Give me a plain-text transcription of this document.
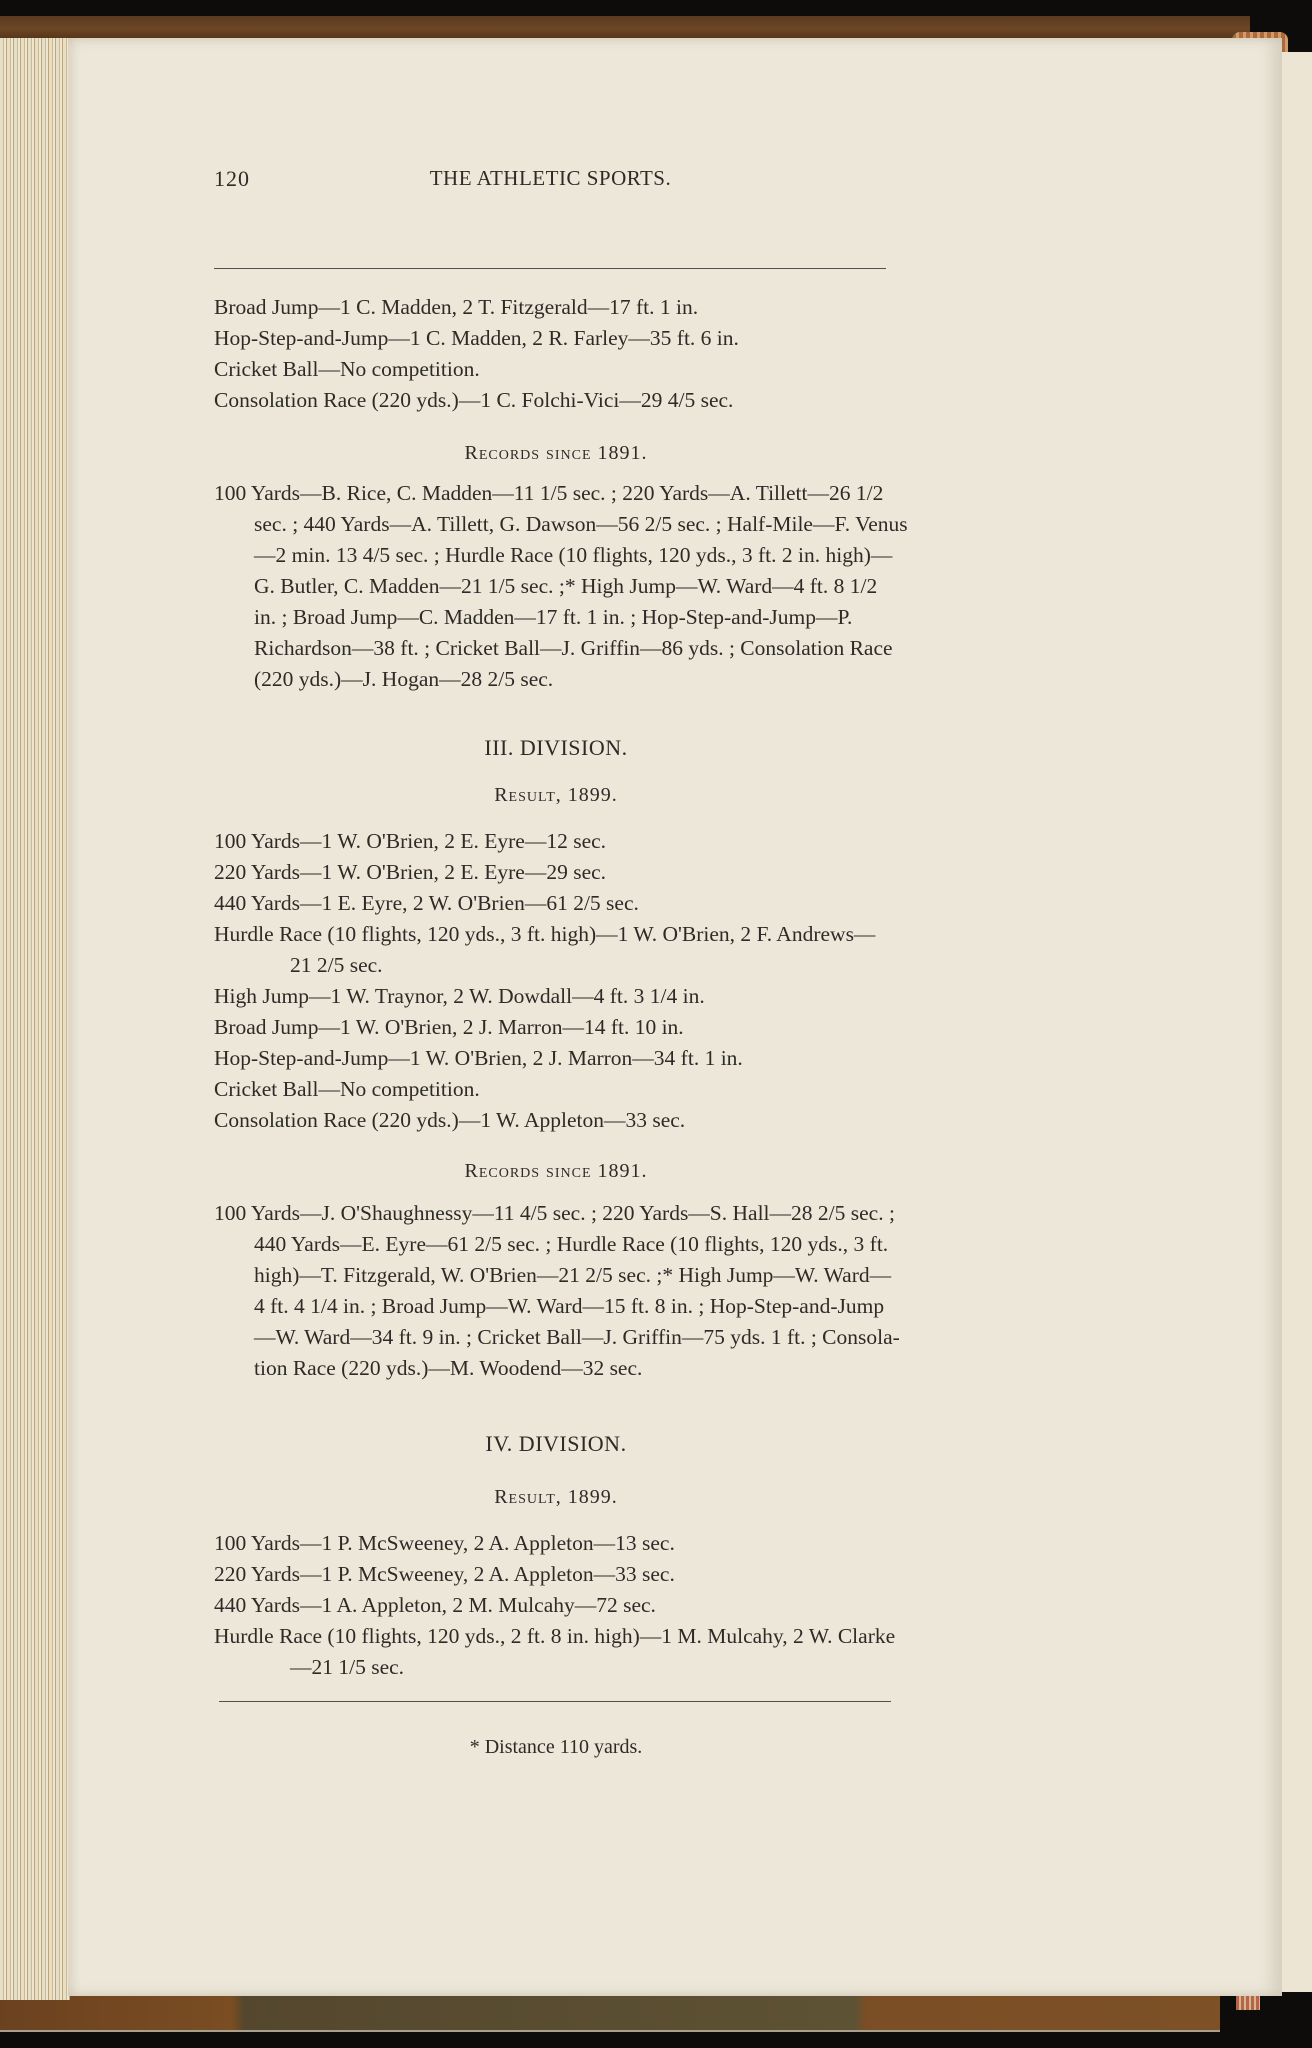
120	THE ATHLETIC SPORTS.
Broad Jump—1 C. Madden, 2 T. Fitzgerald—17 ft. 1 in.
Hop-Step-and-Jump—1 C. Madden, 2 R. Farley—35 ft. 6 in.
Cricket Ball—No competition.
Consolation Race (220 yds.)—1 C. Folchi-Vici—29 4/5 sec.
Records since 1891.
100 Yards—B. Rice, C. Madden—11 1/5 sec. ; 220 Yards—A. Tillett—26 1/2
sec. ; 440 Yards—A. Tillett, G. Dawson—56 2/5 sec. ; Half-Mile—F. Venus
—2 min. 13 4/5 sec. ; Hurdle Race (10 flights, 120 yds., 3 ft. 2 in. high)—
G. Butler, C. Madden—21 1/5 sec. ;* High Jump—W. Ward—4 ft. 8 1/2
in. ; Broad Jump—C. Madden—17 ft. 1 in. ; Hop-Step-and-Jump—P.
Richardson—38 ft. ; Cricket Ball—J. Griffin—86 yds. ; Consolation Race
(220 yds.)—J. Hogan—28 2/5 sec.
III. DIVISION.
Result, 1899.
100 Yards—1 W. O'Brien, 2 E. Eyre—12 sec.
220 Yards—1 W. O'Brien, 2 E. Eyre—29 sec.
440 Yards—1 E. Eyre, 2 W. O'Brien—61 2/5 sec.
Hurdle Race (10 flights, 120 yds., 3 ft. high)—1 W. O'Brien, 2 F. Andrews—
21 2/5 sec.
High Jump—1 W. Traynor, 2 W. Dowdall—4 ft. 3 1/4 in.
Broad Jump—1 W. O'Brien, 2 J. Marron—14 ft. 10 in.
Hop-Step-and-Jump—1 W. O'Brien, 2 J. Marron—34 ft. 1 in.
Cricket Ball—No competition.
Consolation Race (220 yds.)—1 W. Appleton—33 sec.
Records since 1891.
100 Yards—J. O'Shaughnessy—11 4/5 sec. ; 220 Yards—S. Hall—28 2/5 sec. ;
440 Yards—E. Eyre—61 2/5 sec. ; Hurdle Race (10 flights, 120 yds., 3 ft.
high)—T. Fitzgerald, W. O'Brien—21 2/5 sec. ;* High Jump—W. Ward—
4 ft. 4 1/4 in. ; Broad Jump—W. Ward—15 ft. 8 in. ; Hop-Step-and-Jump
—W. Ward—34 ft. 9 in. ; Cricket Ball—J. Griffin—75 yds. 1 ft. ; Consola-
tion Race (220 yds.)—M. Woodend—32 sec.
IV. DIVISION.
Result, 1899.
100 Yards—1 P. McSweeney, 2 A. Appleton—13 sec.
220 Yards—1 P. McSweeney, 2 A. Appleton—33 sec.
440 Yards—1 A. Appleton, 2 M. Mulcahy—72 sec.
Hurdle Race (10 flights, 120 yds., 2 ft. 8 in. high)—1 M. Mulcahy, 2 W. Clarke
—21 1/5 sec.
* Distance 110 yards.
